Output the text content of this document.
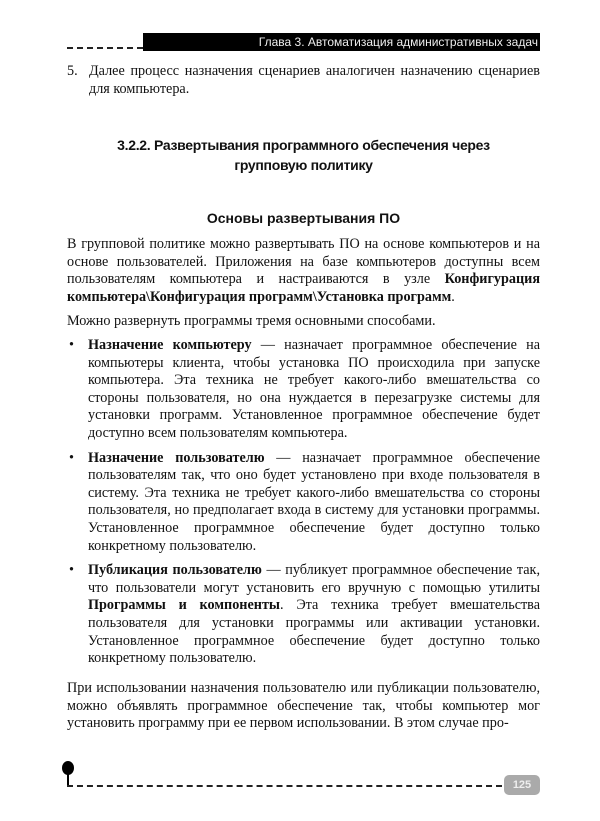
Глава 3. Автоматизация административных задач
5. Далее процесс назначения сценариев аналогичен назначению сценариев для компьютера.
3.2.2. Развертывания программного обеспечения через групповую политику
Основы развертывания ПО
В групповой политике можно развертывать ПО на основе компьютеров и на основе пользователей. Приложения на базе компьютеров доступны всем пользователям компьютера и настраиваются в узле Конфигурация компьютера\Конфигурация программ\Установка программ.
Можно развернуть программы тремя основными способами.
• Назначение компьютеру — назначает программное обеспечение на компьютеры клиента, чтобы установка ПО происходила при запуске компьютера. Эта техника не требует какого-либо вмешательства со стороны пользователя, но она нуждается в перезагрузке системы для установки программ. Установленное программное обеспечение будет доступно всем пользователям компьютера.
• Назначение пользователю — назначает программное обеспечение пользователям так, что оно будет установлено при входе пользователя в систему. Эта техника не требует какого-либо вмешательства со стороны пользователя, но предполагает входа в систему для установки программы. Установленное программное обеспечение будет доступно только конкретному пользователю.
• Публикация пользователю — публикует программное обеспечение так, что пользователи могут установить его вручную с помощью утилиты Программы и компоненты. Эта техника требует вмешательства пользователя для установки программы или активации установки. Установленное программное обеспечение будет доступно только конкретному пользователю.
При использовании назначения пользователю или публикации пользователю, можно объявлять программное обеспечение так, чтобы компьютер мог установить программу при ее первом использовании. В этом случае про-
125
